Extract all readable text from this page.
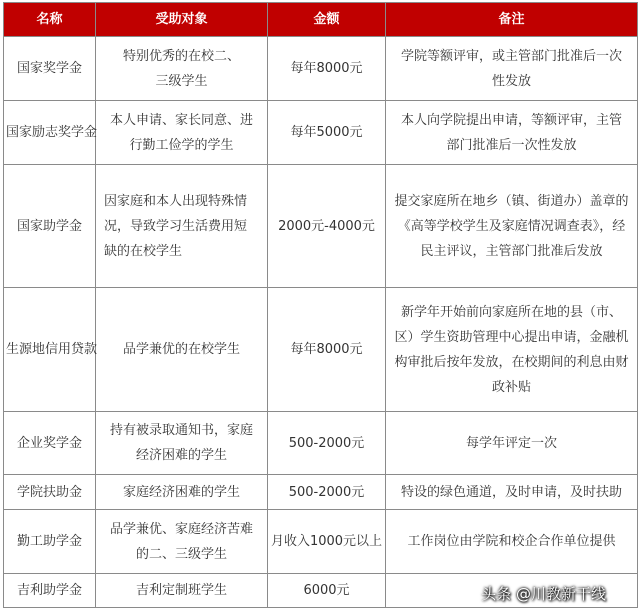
名称	受助对象	金额	备注
国家奖学金	特别优秀的在校二、三级学生	每年8000元	学院等额评审，或主管部门批准后一次性发放
国家励志奖学金	本人申请、家长同意、进行勤工俭学的学生	每年5000元	本人向学院提出申请，等额评审，主管部门批准后一次性发放
国家助学金	因家庭和本人出现特殊情况，导致学习生活费用短缺的在校学生	2000元-4000元	提交家庭所在地乡（镇、街道办）盖章的《高等学校学生及家庭情况调查表》，经民主评议，主管部门批准后发放
生源地信用贷款	品学兼优的在校学生	每年8000元	新学年开始前向家庭所在地的县（市、区）学生资助管理中心提出申请，金融机构审批后按年发放，在校期间的利息由财政补贴
企业奖学金	持有被录取通知书，家庭经济困难的学生	500-2000元	每学年评定一次
学院扶助金	家庭经济困难的学生	500-2000元	特设的绿色通道，及时申请，及时扶助
勤工助学金	品学兼优、家庭经济苦难的二、三级学生	月收入1000元以上	工作岗位由学院和校企合作单位提供
吉利助学金	吉利定制班学生	6000元		头条 @川教新干线
